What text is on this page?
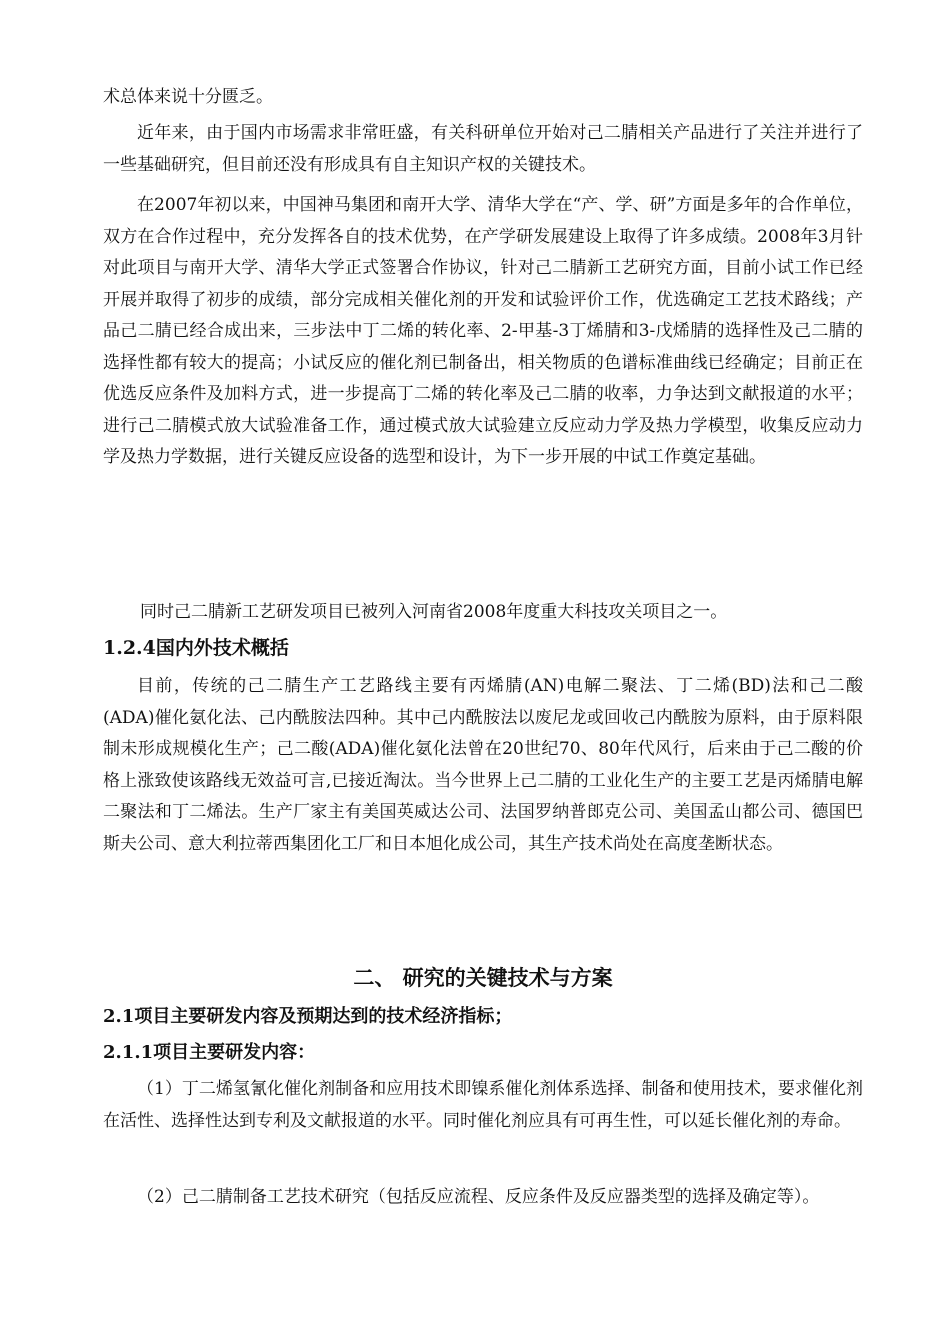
术总体来说十分匮乏。

近年来，由于国内市场需求非常旺盛，有关科研单位开始对己二腈相关产品进行了关注并进行了一些基础研究，但目前还没有形成具有自主知识产权的关键技术。

在2007年初以来，中国神马集团和南开大学、清华大学在“产、学、研”方面是多年的合作单位，双方在合作过程中，充分发挥各自的技术优势，在产学研发展建设上取得了许多成绩。2008年3月针对此项目与南开大学、清华大学正式签署合作协议，针对己二腈新工艺研究方面，目前小试工作已经开展并取得了初步的成绩，部分完成相关催化剂的开发和试验评价工作，优选确定工艺技术路线；产品己二腈已经合成出来，三步法中丁二烯的转化率、2-甲基-3丁烯腈和3-戊烯腈的选择性及己二腈的选择性都有较大的提高；小试反应的催化剂已制备出，相关物质的色谱标准曲线已经确定；目前正在优选反应条件及加料方式，进一步提高丁二烯的转化率及己二腈的收率，力争达到文献报道的水平；进行己二腈模式放大试验准备工作，通过模式放大试验建立反应动力学及热力学模型，收集反应动力学及热力学数据，进行关键反应设备的选型和设计，为下一步开展的中试工作奠定基础。

同时己二腈新工艺研发项目已被列入河南省2008年度重大科技攻关项目之一。

1.2.4国内外技术概括

目前，传统的己二腈生产工艺路线主要有丙烯腈(AN)电解二聚法、丁二烯(BD)法和己二酸(ADA)催化氨化法、己内酰胺法四种。其中己内酰胺法以废尼龙或回收己内酰胺为原料，由于原料限制未形成规模化生产；己二酸(ADA)催化氨化法曾在20世纪70、80年代风行，后来由于己二酸的价格上涨致使该路线无效益可言,已接近淘汰。当今世界上己二腈的工业化生产的主要工艺是丙烯腈电解二聚法和丁二烯法。生产厂家主有美国英威达公司、法国罗纳普郎克公司、美国孟山都公司、德国巴斯夫公司、意大利拉蒂西集团化工厂和日本旭化成公司，其生产技术尚处在高度垄断状态。

二、 研究的关键技术与方案
2.1项目主要研发内容及预期达到的技术经济指标；
2.1.1项目主要研发内容：

（1）丁二烯氢氰化催化剂制备和应用技术即镍系催化剂体系选择、制备和使用技术，要求催化剂在活性、选择性达到专利及文献报道的水平。同时催化剂应具有可再生性，可以延长催化剂的寿命。

（2）己二腈制备工艺技术研究（包括反应流程、反应条件及反应器类型的选择及确定等）。
